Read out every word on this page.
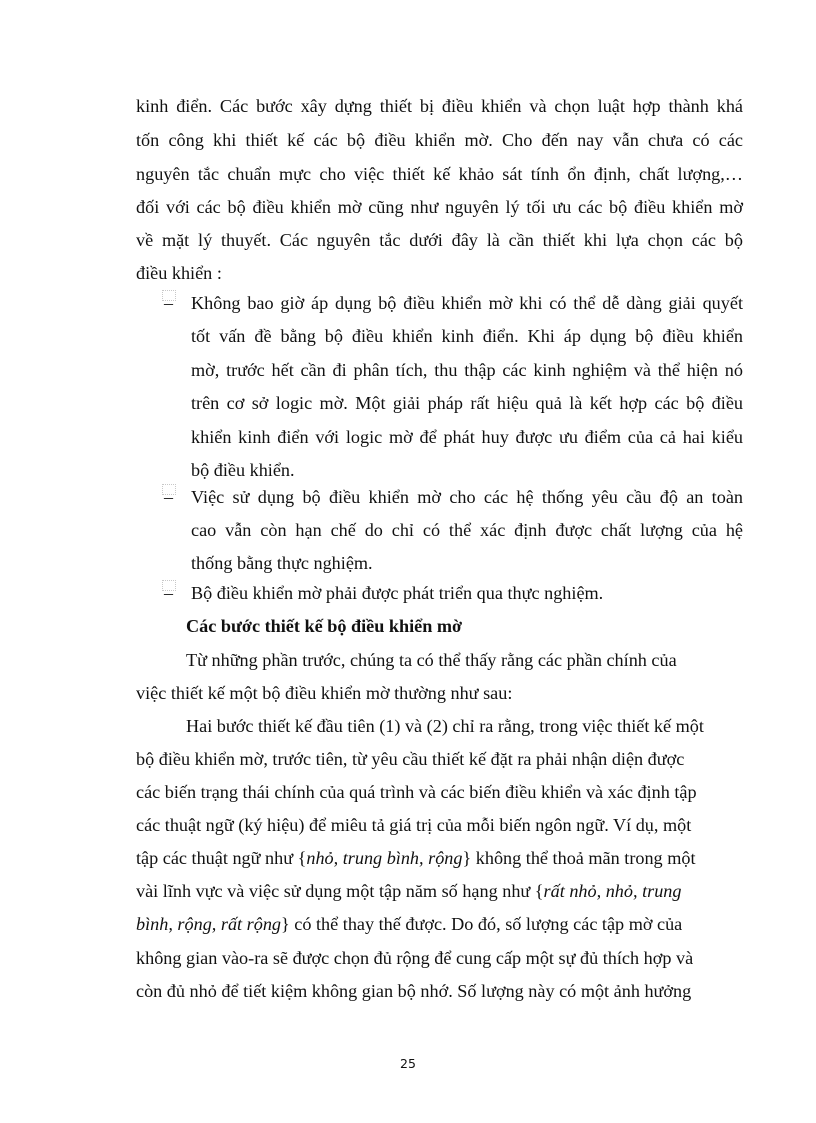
kinh điển. Các bước xây dựng thiết bị điều khiển và chọn luật hợp thành khá
tốn công khi thiết kế các bộ điều khiển mờ. Cho đến nay vẫn chưa có các
nguyên tắc chuẩn mực cho việc thiết kế khảo sát tính ổn định, chất lượng,…
đối với các bộ điều khiển mờ cũng như nguyên lý tối ưu các bộ điều khiển mờ
về mặt lý thuyết. Các nguyên tắc dưới đây là cần thiết khi lựa chọn các bộ
điều khiển :
– Không bao giờ áp dụng bộ điều khiển mờ khi có thể dễ dàng giải quyết
tốt vấn đề bằng bộ điều khiển kinh điển. Khi áp dụng bộ điều khiển
mờ, trước hết cần đi phân tích, thu thập các kinh nghiệm và thể hiện nó
trên cơ sở logic mờ. Một giải pháp rất hiệu quả là kết hợp các bộ điều
khiển kinh điển với logic mờ để phát huy được ưu điểm của cả hai kiểu
bộ điều khiển.
– Việc sử dụng bộ điều khiển mờ cho các hệ thống yêu cầu độ an toàn
cao vẫn còn hạn chế do chỉ có thể xác định được chất lượng của hệ
thống bằng thực nghiệm.
– Bộ điều khiển mờ phải được phát triển qua thực nghiệm.
Các bước thiết kế bộ điều khiển mờ
Từ những phần trước, chúng ta có thể thấy rằng các phần chính của
việc thiết kế một bộ điều khiển mờ thường như sau:
Hai bước thiết kế đầu tiên (1) và (2) chỉ ra rằng, trong việc thiết kế một
bộ điều khiển mờ, trước tiên, từ yêu cầu thiết kế đặt ra phải nhận diện được
các biến trạng thái chính của quá trình và các biến điều khiển và xác định tập
các thuật ngữ (ký hiệu) để miêu tả giá trị của mỗi biến ngôn ngữ. Ví dụ, một
tập các thuật ngữ như {nhỏ, trung bình, rộng} không thể thoả mãn trong một
vài lĩnh vực và việc sử dụng một tập năm số hạng như {rất nhỏ, nhỏ, trung
bình, rộng, rất rộng} có thể thay thế được. Do đó, số lượng các tập mờ của
không gian vào-ra sẽ được chọn đủ rộng để cung cấp một sự đủ thích hợp và
còn đủ nhỏ để tiết kiệm không gian bộ nhớ. Số lượng này có một ảnh hưởng
25
